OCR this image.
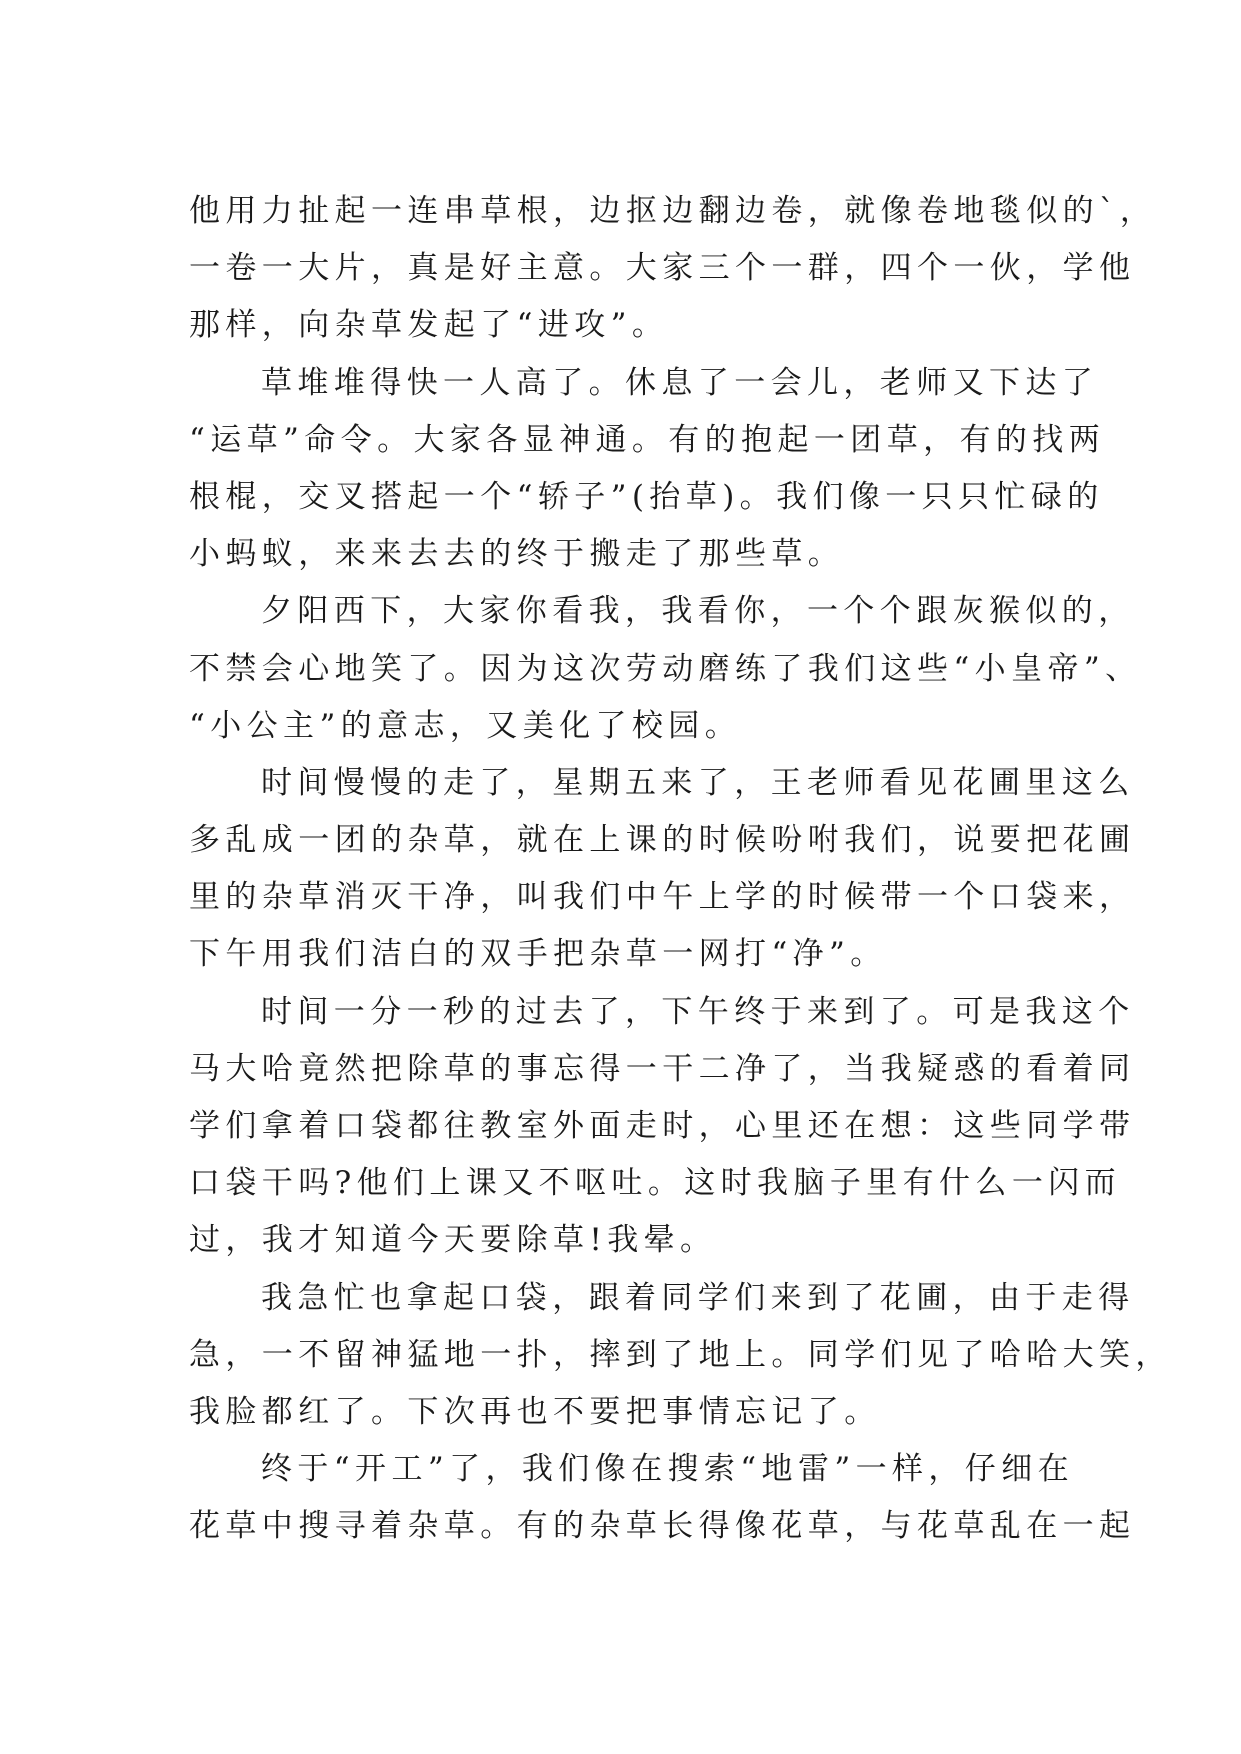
他用力扯起一连串草根，边抠边翻边卷，就像卷地毯似的`，
一卷一大片，真是好主意。大家三个一群，四个一伙，学他
那样，向杂草发起了“进攻”。
草堆堆得快一人高了。休息了一会儿，老师又下达了
“运草”命令。大家各显神通。有的抱起一团草，有的找两
根棍，交叉搭起一个“轿子”(抬草)。我们像一只只忙碌的
小蚂蚁，来来去去的终于搬走了那些草。
夕阳西下，大家你看我，我看你，一个个跟灰猴似的，
不禁会心地笑了。因为这次劳动磨练了我们这些“小皇帝”、
“小公主”的意志，又美化了校园。
时间慢慢的走了，星期五来了，王老师看见花圃里这么
多乱成一团的杂草，就在上课的时候吩咐我们，说要把花圃
里的杂草消灭干净，叫我们中午上学的时候带一个口袋来，
下午用我们洁白的双手把杂草一网打“净”。
时间一分一秒的过去了，下午终于来到了。可是我这个
马大哈竟然把除草的事忘得一干二净了，当我疑惑的看着同
学们拿着口袋都往教室外面走时，心里还在想：这些同学带
口袋干吗?他们上课又不呕吐。这时我脑子里有什么一闪而
过，我才知道今天要除草!我晕。
我急忙也拿起口袋，跟着同学们来到了花圃，由于走得
急，一不留神猛地一扑，摔到了地上。同学们见了哈哈大笑，
我脸都红了。下次再也不要把事情忘记了。
终于“开工”了，我们像在搜索“地雷”一样，仔细在
花草中搜寻着杂草。有的杂草长得像花草，与花草乱在一起
